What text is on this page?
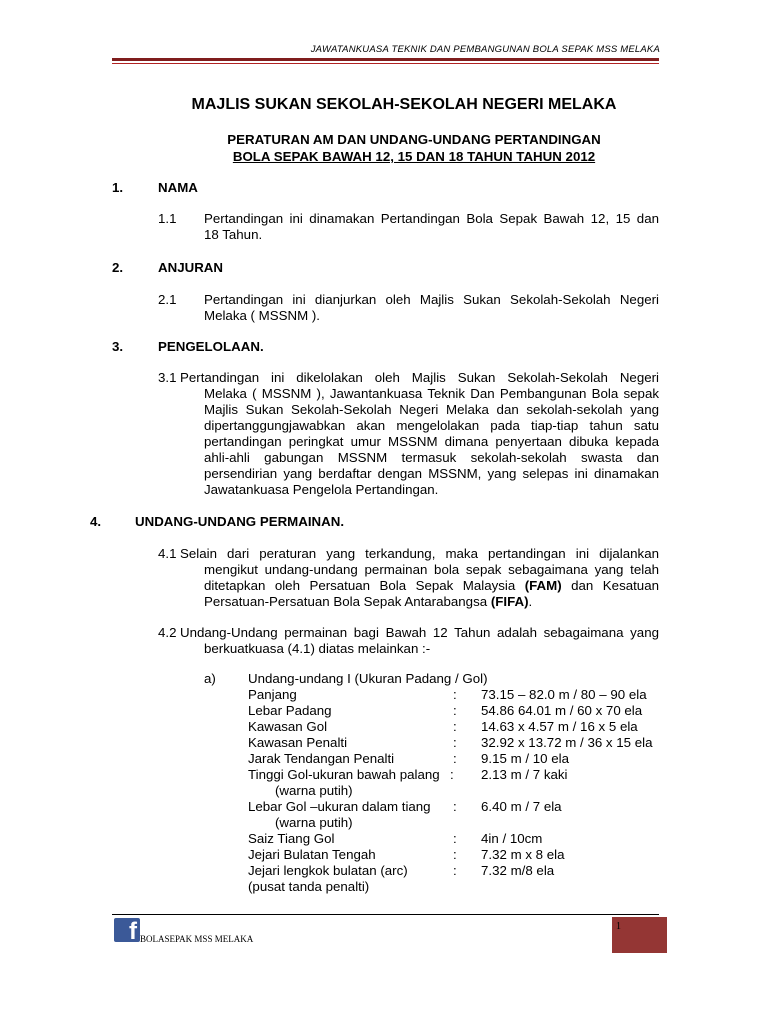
JAWATANKUASA TEKNIK DAN PEMBANGUNAN BOLA SEPAK MSS MELAKA
MAJLIS SUKAN SEKOLAH-SEKOLAH NEGERI MELAKA
PERATURAN AM DAN UNDANG-UNDANG PERTANDINGAN
BOLA SEPAK BAWAH 12, 15 DAN 18 TAHUN TAHUN 2012
1.	NAMA
1.1 Pertandingan ini dinamakan Pertandingan Bola Sepak Bawah 12, 15 dan
18 Tahun.
2.	ANJURAN
2.1 Pertandingan ini dianjurkan oleh Majlis Sukan Sekolah-Sekolah Negeri
Melaka ( MSSNM ).
3.	PENGELOLAAN.
3.1 Pertandingan ini dikelolakan oleh Majlis Sukan Sekolah-Sekolah Negeri
Melaka ( MSSNM ), Jawantankuasa Teknik Dan Pembangunan Bola sepak Majlis Sukan Sekolah-Sekolah Negeri Melaka dan sekolah-sekolah yang dipertanggungjawabkan akan mengelolakan pada tiap-tiap tahun satu pertandingan peringkat umur MSSNM dimana penyertaan dibuka kepada ahli-ahli gabungan MSSNM termasuk sekolah-sekolah swasta dan persendirian yang berdaftar dengan MSSNM, yang selepas ini dinamakan Jawatankuasa Pengelola Pertandingan.
4.	UNDANG-UNDANG PERMAINAN.
4.1 Selain dari peraturan yang terkandung, maka pertandingan ini dijalankan
mengikut undang-undang permainan bola sepak sebagaimana yang telah ditetapkan oleh Persatuan Bola Sepak Malaysia (FAM) dan Kesatuan Persatuan-Persatuan Bola Sepak Antarabangsa (FIFA).
4.2 Undang-Undang permainan bagi Bawah 12 Tahun adalah sebagaimana yang
berkuatkuasa (4.1) diatas melainkan :-
a) Undang-undang I (Ukuran Padang / Gol)
Panjang	: 73.15 – 82.0 m / 80 – 90 ela
Lebar Padang	: 54.86 64.01 m / 60 x 70 ela
Kawasan Gol	: 14.63 x 4.57 m / 16 x 5 ela
Kawasan Penalti	: 32.92 x 13.72 m / 36 x 15 ela
Jarak Tendangan Penalti	: 9.15 m / 10 ela
Tinggi Gol-ukuran bawah palang : 2.13 m / 7 kaki
(warna putih)
Lebar Gol –ukuran dalam tiang : 6.40 m / 7 ela
(warna putih)
Saiz Tiang Gol	: 4in / 10cm
Jejari Bulatan Tengah	: 7.32 m x 8 ela
Jejari lengkok bulatan (arc)	: 7.32 m/8 ela
(pusat tanda penalti)
f BOLASEPAK MSS MELAKA
1
